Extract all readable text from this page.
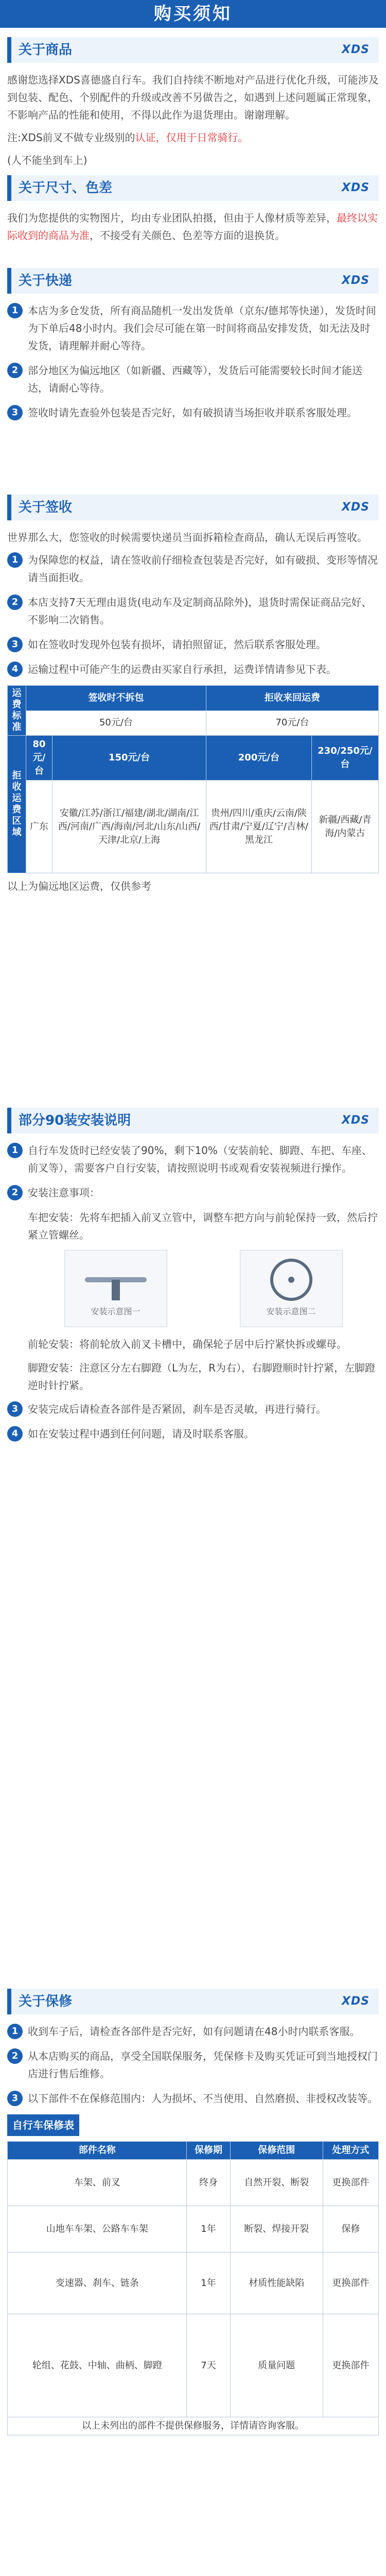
购买须知
关于商品	XDS

感谢您选择XDS喜德盛自行车。我们自持续不断地对产品进行优化升级，可能涉及到包装、配色、个别配件的升级或改善不另做告之，如遇到上述问题属正常现象，不影响产品的性能和使用，不得以此作为退货理由。谢谢理解。

注:XDS前叉不做专业级别的认证，仅用于日常骑行。

(人不能坐到车上)

关于尺寸、色差	XDS

我们为您提供的实物图片，均由专业团队拍摄，但由于人像材质等差异，最终以实际收到的商品为准，不接受有关颜色、色差等方面的退换货。

关于快递	XDS
1 本店为多仓发货，所有商品随机一发出发货单（京东/德邦等快递），发货时间为下单后48小时内。我们会尽可能在第一时间将商品安排发货，如无法及时发货，请理解并耐心等待。
2 部分地区为偏远地区（如新疆、西藏等），发货后可能需要较长时间才能送达，请耐心等待。
3 签收时请先查验外包装是否完好，如有破损请当场拒收并联系客服处理。
关于签收	XDS

世界那么大，您签收的时候需要快递员当面拆箱检查商品，确认无误后再签收。

1 为保障您的权益，请在签收前仔细检查包装是否完好，如有破损、变形等情况请当面拒收。
2 本店支持7天无理由退货(电动车及定制商品除外)，退货时需保证商品完好、不影响二次销售。
3 如在签收时发现外包装有损坏，请拍照留证，然后联系客服处理。
4 运输过程中可能产生的运费由买家自行承担，运费详情请参见下表。
运费标准	签收时不拆包		拒收来回运费	
	50元/台		70元/台	
拒收运费区域	80元/台	150元/台	200元/台	230/250元/台
	广东	安徽/江苏/浙江/福建/湖北/湖南/江西/河南/广西/海南/河北/山东/山西/天津/北京/上海	贵州/四川/重庆/云南/陕西/甘肃/宁夏/辽宁/吉林/黑龙江	新疆/西藏/青海/内蒙古

以上为偏远地区运费，仅供参考

部分90装安装说明	XDS
1 自行车发货时已经安装了90%，剩下10%（安装前轮、脚蹬、车把、车座、前叉等），需要客户自行安装，请按照说明书或观看安装视频进行操作。
2 安装注意事项：

车把安装：先将车把插入前叉立管中，调整车把方向与前轮保持一致，然后拧紧立管螺丝。

安装示意图一	安装示意图二

前轮安装：将前轮放入前叉卡槽中，确保轮子居中后拧紧快拆或螺母。

脚蹬安装：注意区分左右脚蹬（L为左，R为右），右脚蹬顺时针拧紧，左脚蹬逆时针拧紧。

3 安装完成后请检查各部件是否紧固，刹车是否灵敏，再进行骑行。
4 如在安装过程中遇到任何问题，请及时联系客服。
关于保修	XDS
1 收到车子后，请检查各部件是否完好，如有问题请在48小时内联系客服。
2 从本店购买的商品，享受全国联保服务，凭保修卡及购买凭证可到当地授权门店进行售后维修。
3 以下部件不在保修范围内：人为损坏、不当使用、自然磨损、非授权改装等。
自行车保修表
部件名称	保修期	保修范围	处理方式
车架、前叉	终身	自然开裂、断裂	更换部件
山地车车架、公路车车架	1年	断裂、焊接开裂	保修
变速器、刹车、链条	1年	材质性能缺陷	更换部件
轮组、花鼓、中轴、曲柄、脚蹬	7天	质量问题	更换部件
以上未列出的部件不提供保修服务，详情请咨询客服。			
